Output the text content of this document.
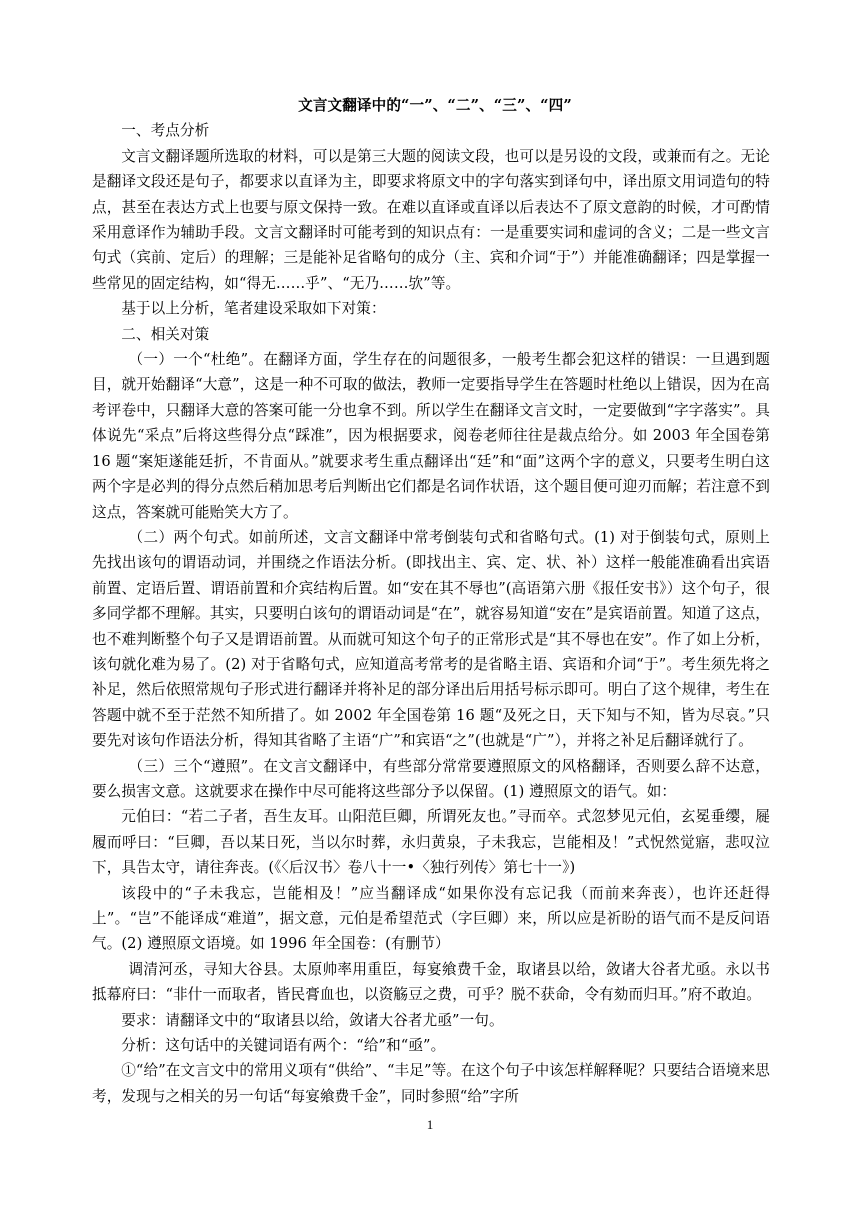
文言文翻译中的“一”、“二”、“三”、“四”

一、考点分析

文言文翻译题所选取的材料，可以是第三大题的阅读文段，也可以是另设的文段，或兼而有之。无论是翻译文段还是句子，都要求以直译为主，即要求将原文中的字句落实到译句中，译出原文用词造句的特点，甚至在表达方式上也要与原文保持一致。在难以直译或直译以后表达不了原文意韵的时候，才可酌情采用意译作为辅助手段。文言文翻译时可能考到的知识点有：一是重要实词和虚词的含义；二是一些文言句式（宾前、定后）的理解；三是能补足省略句的成分（主、宾和介词“于”）并能准确翻译；四是掌握一些常见的固定结构，如“得无……乎”、“无乃……欤”等。

基于以上分析，笔者建设采取如下对策：

二、相关对策

（一）一个“杜绝”。在翻译方面，学生存在的问题很多，一般考生都会犯这样的错误：一旦遇到题目，就开始翻译“大意”，这是一种不可取的做法，教师一定要指导学生在答题时杜绝以上错误，因为在高考评卷中，只翻译大意的答案可能一分也拿不到。所以学生在翻译文言文时，一定要做到“字字落实”。具体说先“采点”后将这些得分点“踩准”，因为根据要求，阅卷老师往往是裁点给分。如 2003 年全国卷第 16 题“案矩遂能廷折，不肯面从。”就要求考生重点翻译出“廷”和“面”这两个字的意义，只要考生明白这两个字是必判的得分点然后稍加思考后判断出它们都是名词作状语，这个题目便可迎刃而解；若注意不到这点，答案就可能贻笑大方了。

（二）两个句式。如前所述，文言文翻译中常考倒装句式和省略句式。(1) 对于倒装句式，原则上先找出该句的谓语动词，并围绕之作语法分析。(即找出主、宾、定、状、补）这样一般能准确看出宾语前置、定语后置、谓语前置和介宾结构后置。如“安在其不辱也”(高语第六册《报任安书》）这个句子，很多同学都不理解。其实，只要明白该句的谓语动词是“在”，就容易知道“安在”是宾语前置。知道了这点，也不难判断整个句子又是谓语前置。从而就可知这个句子的正常形式是“其不辱也在安”。作了如上分析，该句就化难为易了。(2) 对于省略句式，应知道高考常考的是省略主语、宾语和介词“于”。考生须先将之补足，然后依照常规句子形式进行翻译并将补足的部分译出后用括号标示即可。明白了这个规律，考生在答题中就不至于茫然不知所措了。如 2002 年全国卷第 16 题“及死之日，天下知与不知，皆为尽哀。”只要先对该句作语法分析，得知其省略了主语“广”和宾语“之”(也就是“广”），并将之补足后翻译就行了。

（三）三个“遵照”。在文言文翻译中，有些部分常常要遵照原文的风格翻译，否则要么辞不达意，要么损害文意。这就要求在操作中尽可能将这些部分予以保留。(1) 遵照原文的语气。如：

元伯曰：“若二子者，吾生友耳。山阳范巨卿，所谓死友也。”寻而卒。式忽梦见元伯，玄冕垂缨，屣履而呼曰：“巨卿，吾以某日死，当以尔时葬，永归黄泉，子未我忘，岂能相及！”式怳然觉寤，悲叹泣下，具告太守，请往奔丧。(《〈后汉书〉卷八十一•〈独行列传〉第七十一》)

该段中的“子未我忘，岂能相及！”应当翻译成“如果你没有忘记我（而前来奔丧），也许还赶得上”。“岂”不能译成“难道”，据文意，元伯是希望范式（字巨卿）来，所以应是祈盼的语气而不是反问语气。(2) 遵照原文语境。如 1996 年全国卷：(有删节）

调清河丞，寻知大谷县。太原帅率用重臣，每宴飨费千金，取诸县以给，敛诸大谷者尤亟。永以书抵幕府曰：“非什一而取者，皆民膏血也，以资觞豆之费，可乎？脱不获命，令有劾而归耳。”府不敢迫。

要求：请翻译文中的“取诸县以给，敛诸大谷者尤亟”一句。

分析：这句话中的关键词语有两个：“给”和“亟”。

①“给”在文言文中的常用义项有“供给”、“丰足”等。在这个句子中该怎样解释呢？只要结合语境来思考，发现与之相关的另一句话“每宴飨费千金”，同时参照“给”字所

1
